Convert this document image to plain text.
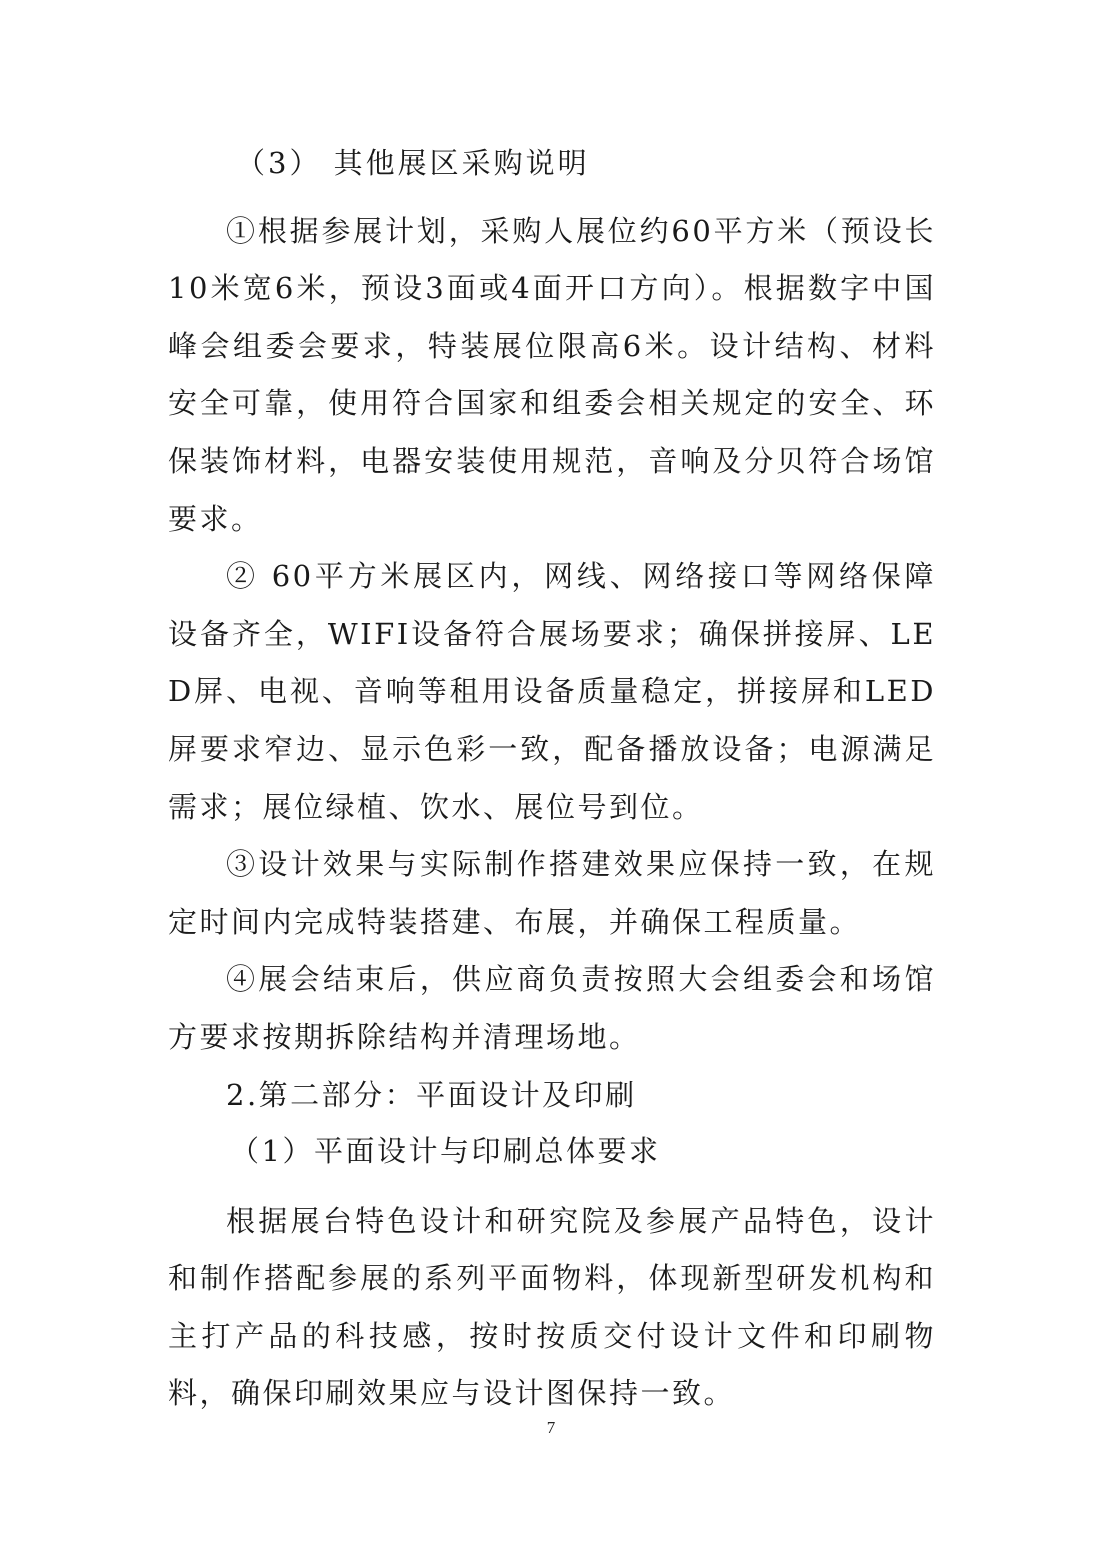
（3） 其他展区采购说明

①根据参展计划，采购人展位约60平方米（预设长10米宽6米，预设3面或4面开口方向）。根据数字中国峰会组委会要求，特装展位限高6米。设计结构、材料安全可靠，使用符合国家和组委会相关规定的安全、环保装饰材料，电器安装使用规范，音响及分贝符合场馆要求。

② 60平方米展区内，网线、网络接口等网络保障设备齐全，WIFI设备符合展场要求；确保拼接屏、LED屏、电视、音响等租用设备质量稳定，拼接屏和LED屏要求窄边、显示色彩一致，配备播放设备；电源满足需求；展位绿植、饮水、展位号到位。

③设计效果与实际制作搭建效果应保持一致，在规定时间内完成特装搭建、布展，并确保工程质量。

④展会结束后，供应商负责按照大会组委会和场馆方要求按期拆除结构并清理场地。

2.第二部分：平面设计及印刷

（1）平面设计与印刷总体要求

根据展台特色设计和研究院及参展产品特色，设计和制作搭配参展的系列平面物料，体现新型研发机构和主打产品的科技感，按时按质交付设计文件和印刷物料，确保印刷效果应与设计图保持一致。

7
